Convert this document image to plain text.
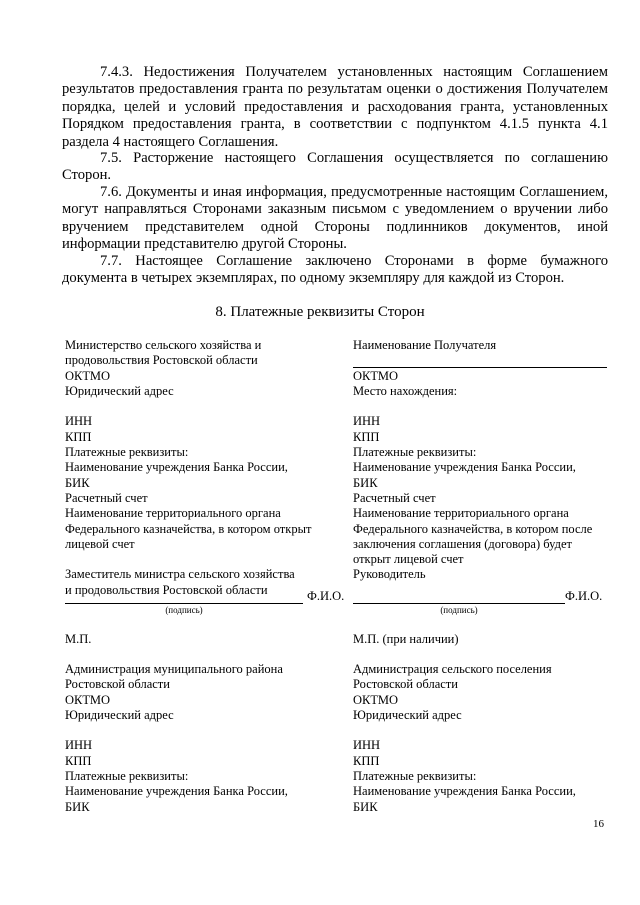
7.4.3. Недостижения Получателем установленных настоящим Соглашением результатов предоставления гранта по результатам оценки о достижения Получателем порядка, целей и условий предоставления и расходования гранта, установленных Порядком предоставления гранта, в соответствии с подпунктом 4.1.5 пункта 4.1 раздела 4 настоящего Соглашения.

7.5. Расторжение настоящего Соглашения осуществляется по соглашению Сторон.

7.6. Документы и иная информация, предусмотренные настоящим Соглашением, могут направляться Сторонами заказным письмом с уведомлением о вручении либо вручением представителем одной Стороны подлинников документов, иной информации представителю другой Стороны.

7.7. Настоящее Соглашение заключено Сторонами в форме бумажного документа в четырех экземплярах, по одному экземпляру для каждой из Сторон.

8. Платежные реквизиты Сторон

Министерство сельского хозяйства и
продовольствия Ростовской области
ОКТМО
Юридический адрес

ИНН
КПП
Платежные реквизиты:
Наименование учреждения Банка России,
БИК
Расчетный счет
Наименование территориального органа
Федерального казначейства, в котором открыт
лицевой счет

Заместитель министра сельского хозяйства
и продовольствия Ростовской области
Наименование Получателя

ОКТМО
Место нахождения:

ИНН
КПП
Платежные реквизиты:
Наименование учреждения Банка России,
БИК
Расчетный счет
Наименование территориального органа
Федерального казначейства, в котором после
заключения соглашения (договора) будет
открыт лицевой счет
Руководитель
Ф.И.О.
(подпись)
Ф.И.О.
(подпись)
М.П.	М.П. (при наличии)
Администрация муниципального района
Ростовской области
ОКТМО
Юридический адрес

ИНН
КПП
Платежные реквизиты:
Наименование учреждения Банка России,
БИК
Администрация сельского поселения
Ростовской области
ОКТМО
Юридический адрес

ИНН
КПП
Платежные реквизиты:
Наименование учреждения Банка России,
БИК
16
